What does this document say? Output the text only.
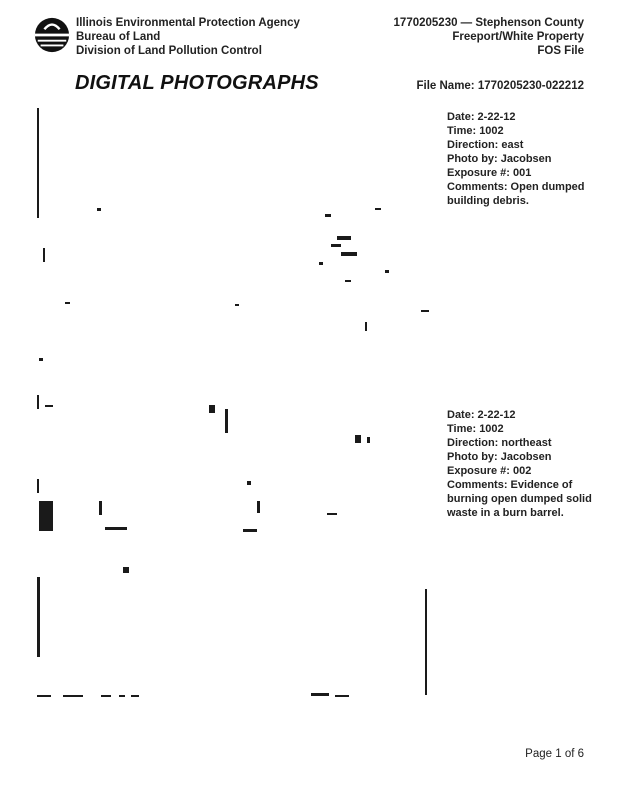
Illinois Environmental Protection Agency
Bureau of Land
Division of Land Pollution Control
1770205230 — Stephenson County
Freeport/White Property
FOS File
DIGITAL PHOTOGRAPHS	File Name: 1770205230-022212
Date: 2-22-12
Time: 1002
Direction: east
Photo by: Jacobsen
Exposure #: 001
Comments: Open dumped building debris.
Date: 2-22-12
Time: 1002
Direction: northeast
Photo by: Jacobsen
Exposure #: 002
Comments: Evidence of burning open dumped solid waste in a burn barrel.
Page 1 of 6
